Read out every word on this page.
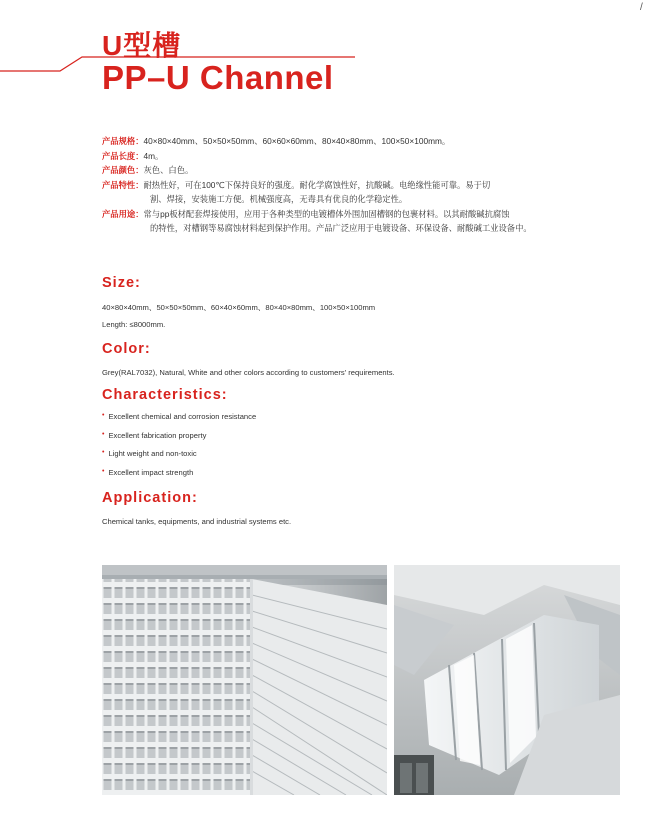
/
U型槽
PP–U Channel
产品规格： 40×80×40mm、50×50×50mm、60×60×60mm、80×40×80mm、100×50×100mm。
产品长度： 4m。
产品颜色： 灰色、白色。
产品特性： 耐热性好，可在100℃下保持良好的强度。耐化学腐蚀性好，抗酸碱。电绝缘性能可靠。易于切
割、焊接，安装施工方便。机械强度高，无毒具有优良的化学稳定性。
产品用途： 常与pp板材配套焊接使用，应用于各种类型的电镀槽体外围加固槽钢的包裹材料。以其耐酸碱抗腐蚀
的特性，对槽钢等易腐蚀材料起到保护作用。产品广泛应用于电镀设备、环保设备、耐酸碱工业设备中。
Size:
40×80×40mm、50×50×50mm、60×40×60mm、80×40×80mm、100×50×100mm
Length: ≤8000mm.
Color:
Grey(RAL7032), Natural, White and other colors according to customers' requirements.
Characteristics:
• Excellent chemical and corrosion resistance
• Excellent fabrication property
• Light weight and non-toxic
• Excellent impact strength
Application:
Chemical tanks, equipments, and industrial systems etc.
